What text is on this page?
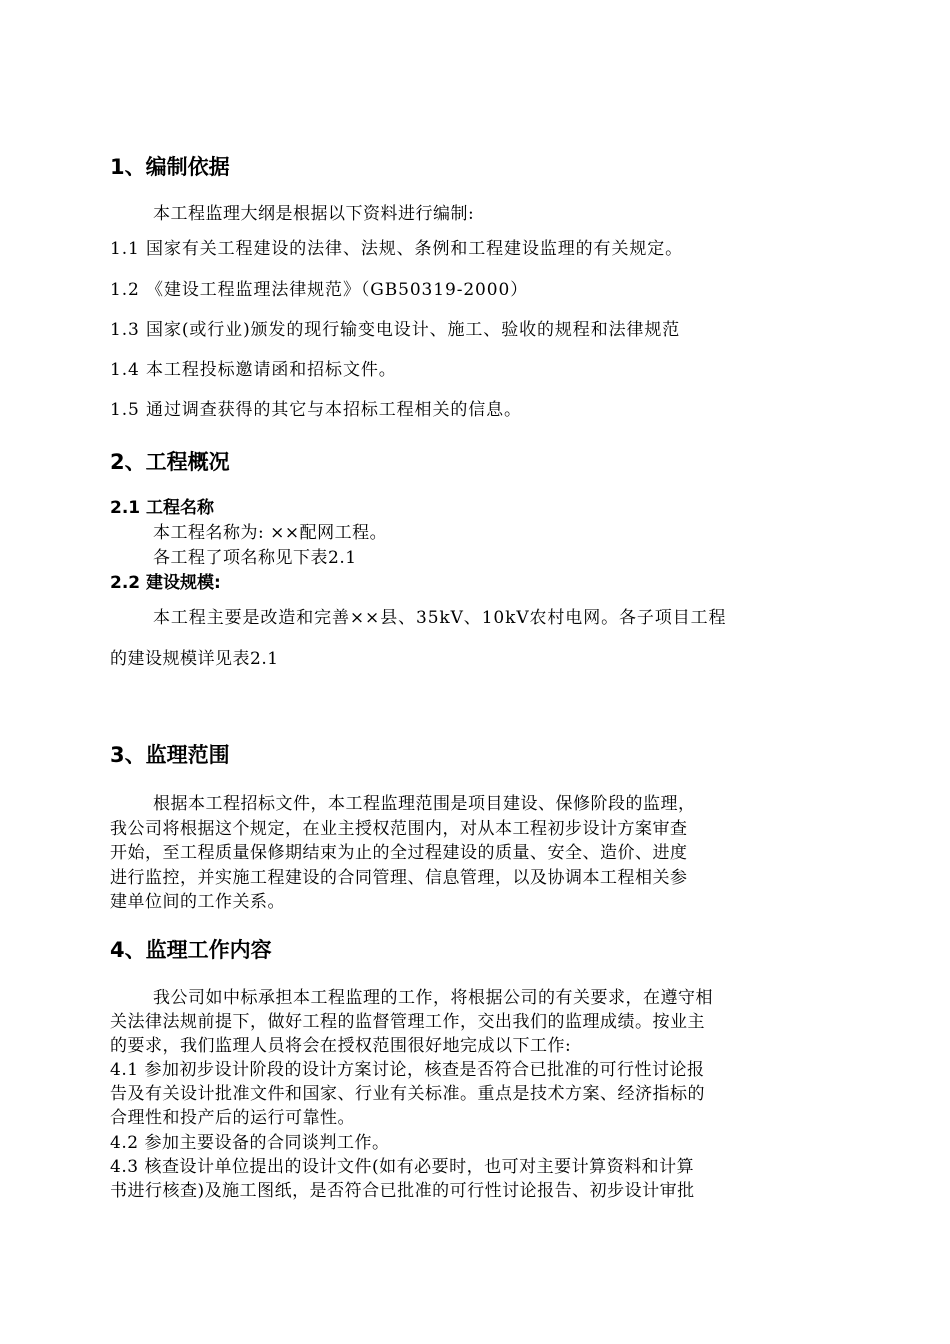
1、编制依据
本工程监理大纲是根据以下资料进行编制:
1.1 国家有关工程建设的法律、法规、条例和工程建设监理的有关规定。
1.2 《建设工程监理法律规范》（GB50319-2000）
1.3 国家(或行业)颁发的现行输变电设计、施工、验收的规程和法律规范
1.4 本工程投标邀请函和招标文件。
1.5 通过调查获得的其它与本招标工程相关的信息。
2、工程概况
2.1 工程名称
本工程名称为: ××配网工程。
各工程了项名称见下表2.1
2.2 建设规模:
本工程主要是改造和完善××县、35kV、10kV农村电网。各子项目工程
的建设规模详见表2.1
3、监理范围
根据本工程招标文件，本工程监理范围是项目建设、保修阶段的监理，
我公司将根据这个规定，在业主授权范围内，对从本工程初步设计方案审查
开始，至工程质量保修期结束为止的全过程建设的质量、安全、造价、进度
进行监控，并实施工程建设的合同管理、信息管理，以及协调本工程相关参
建单位间的工作关系。
4、监理工作内容
我公司如中标承担本工程监理的工作，将根据公司的有关要求，在遵守相
关法律法规前提下，做好工程的监督管理工作，交出我们的监理成绩。按业主
的要求，我们监理人员将会在授权范围很好地完成以下工作:
4.1 参加初步设计阶段的设计方案讨论，核查是否符合已批准的可行性讨论报
告及有关设计批准文件和国家、行业有关标准。重点是技术方案、经济指标的
合理性和投产后的运行可靠性。
4.2 参加主要设备的合同谈判工作。
4.3 核查设计单位提出的设计文件(如有必要时，也可对主要计算资料和计算
书进行核查)及施工图纸，是否符合已批准的可行性讨论报告、初步设计审批
